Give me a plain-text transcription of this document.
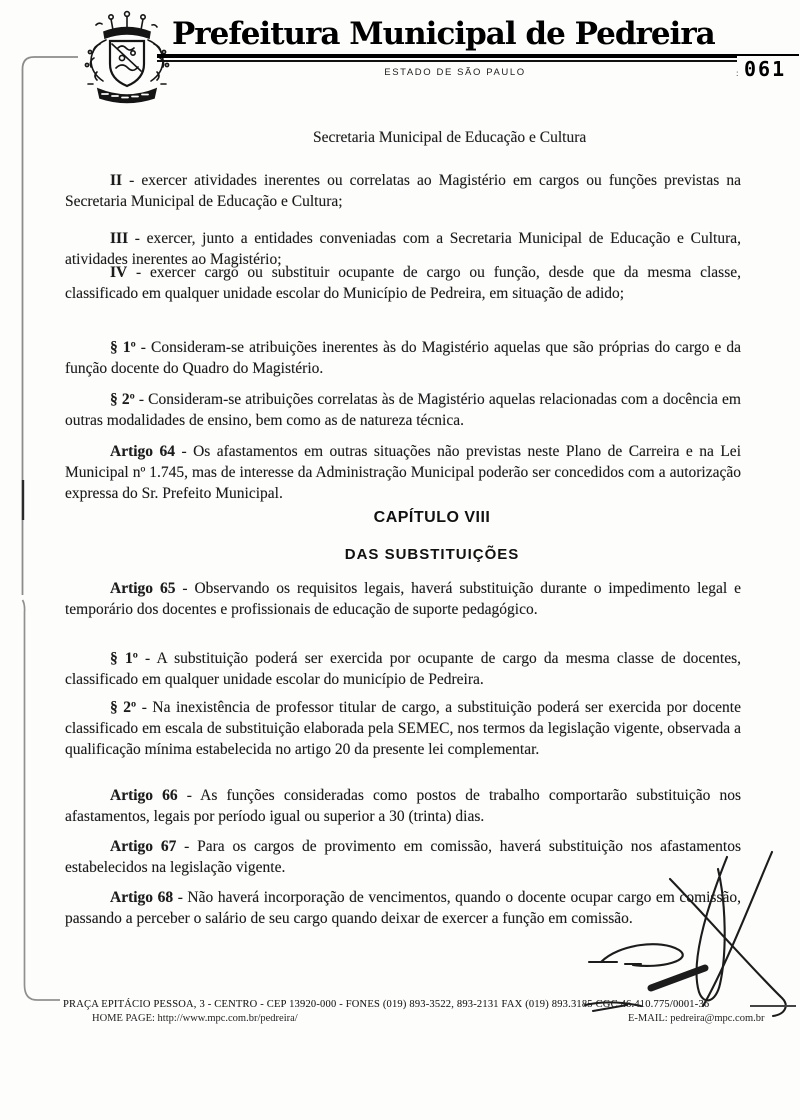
Prefeitura Municipal de Pedreira
ESTADO DE SÃO PAULO	061
:
Secretaria Municipal de Educação e Cultura

II - exercer atividades inerentes ou correlatas ao Magistério em cargos ou funções previstas na Secretaria Municipal de Educação e Cultura;

III - exercer, junto a entidades conveniadas com a Secretaria Municipal de Educação e Cultura, atividades inerentes ao Magistério;

IV - exercer cargo ou substituir ocupante de cargo ou função, desde que da mesma classe, classificado em qualquer unidade escolar do Município de Pedreira, em situação de adido;

§ 1º - Consideram-se atribuições inerentes às do Magistério aquelas que são próprias do cargo e da função docente do Quadro do Magistério.

§ 2º - Consideram-se atribuições correlatas às de Magistério aquelas relacionadas com a docência em outras modalidades de ensino, bem como as de natureza técnica.

Artigo 64 - Os afastamentos em outras situações não previstas neste Plano de Carreira e na Lei Municipal nº 1.745, mas de interesse da Administração Municipal poderão ser concedidos com a autorização expressa do Sr. Prefeito Municipal.

CAPÍTULO VIII
DAS SUBSTITUIÇÕES

Artigo 65 - Observando os requisitos legais, haverá substituição durante o impedimento legal e temporário dos docentes e profissionais de educação de suporte pedagógico.

§ 1º - A substituição poderá ser exercida por ocupante de cargo da mesma classe de docentes, classificado em qualquer unidade escolar do município de Pedreira.

§ 2º - Na inexistência de professor titular de cargo, a substituição poderá ser exercida por docente classificado em escala de substituição elaborada pela SEMEC, nos termos da legislação vigente, observada a qualificação mínima estabelecida no artigo 20 da presente lei complementar.

Artigo 66 - As funções consideradas como postos de trabalho comportarão substituição nos afastamentos, legais por período igual ou superior a 30 (trinta) dias.

Artigo 67 - Para os cargos de provimento em comissão, haverá substituição nos afastamentos estabelecidos na legislação vigente.

Artigo 68 - Não haverá incorporação de vencimentos, quando o docente ocupar cargo em comissão, passando a perceber o salário de seu cargo quando deixar de exercer a função em comissão.

PRAÇA EPITÁCIO PESSOA, 3 - CENTRO - CEP 13920-000 - FONES (019) 893-3522, 893-2131 FAX (019) 893.3185 CGC 46.410.775/0001-36
HOME PAGE: http://www.mpc.com.br/pedreira/	E-MAIL: pedreira@mpc.com.br
